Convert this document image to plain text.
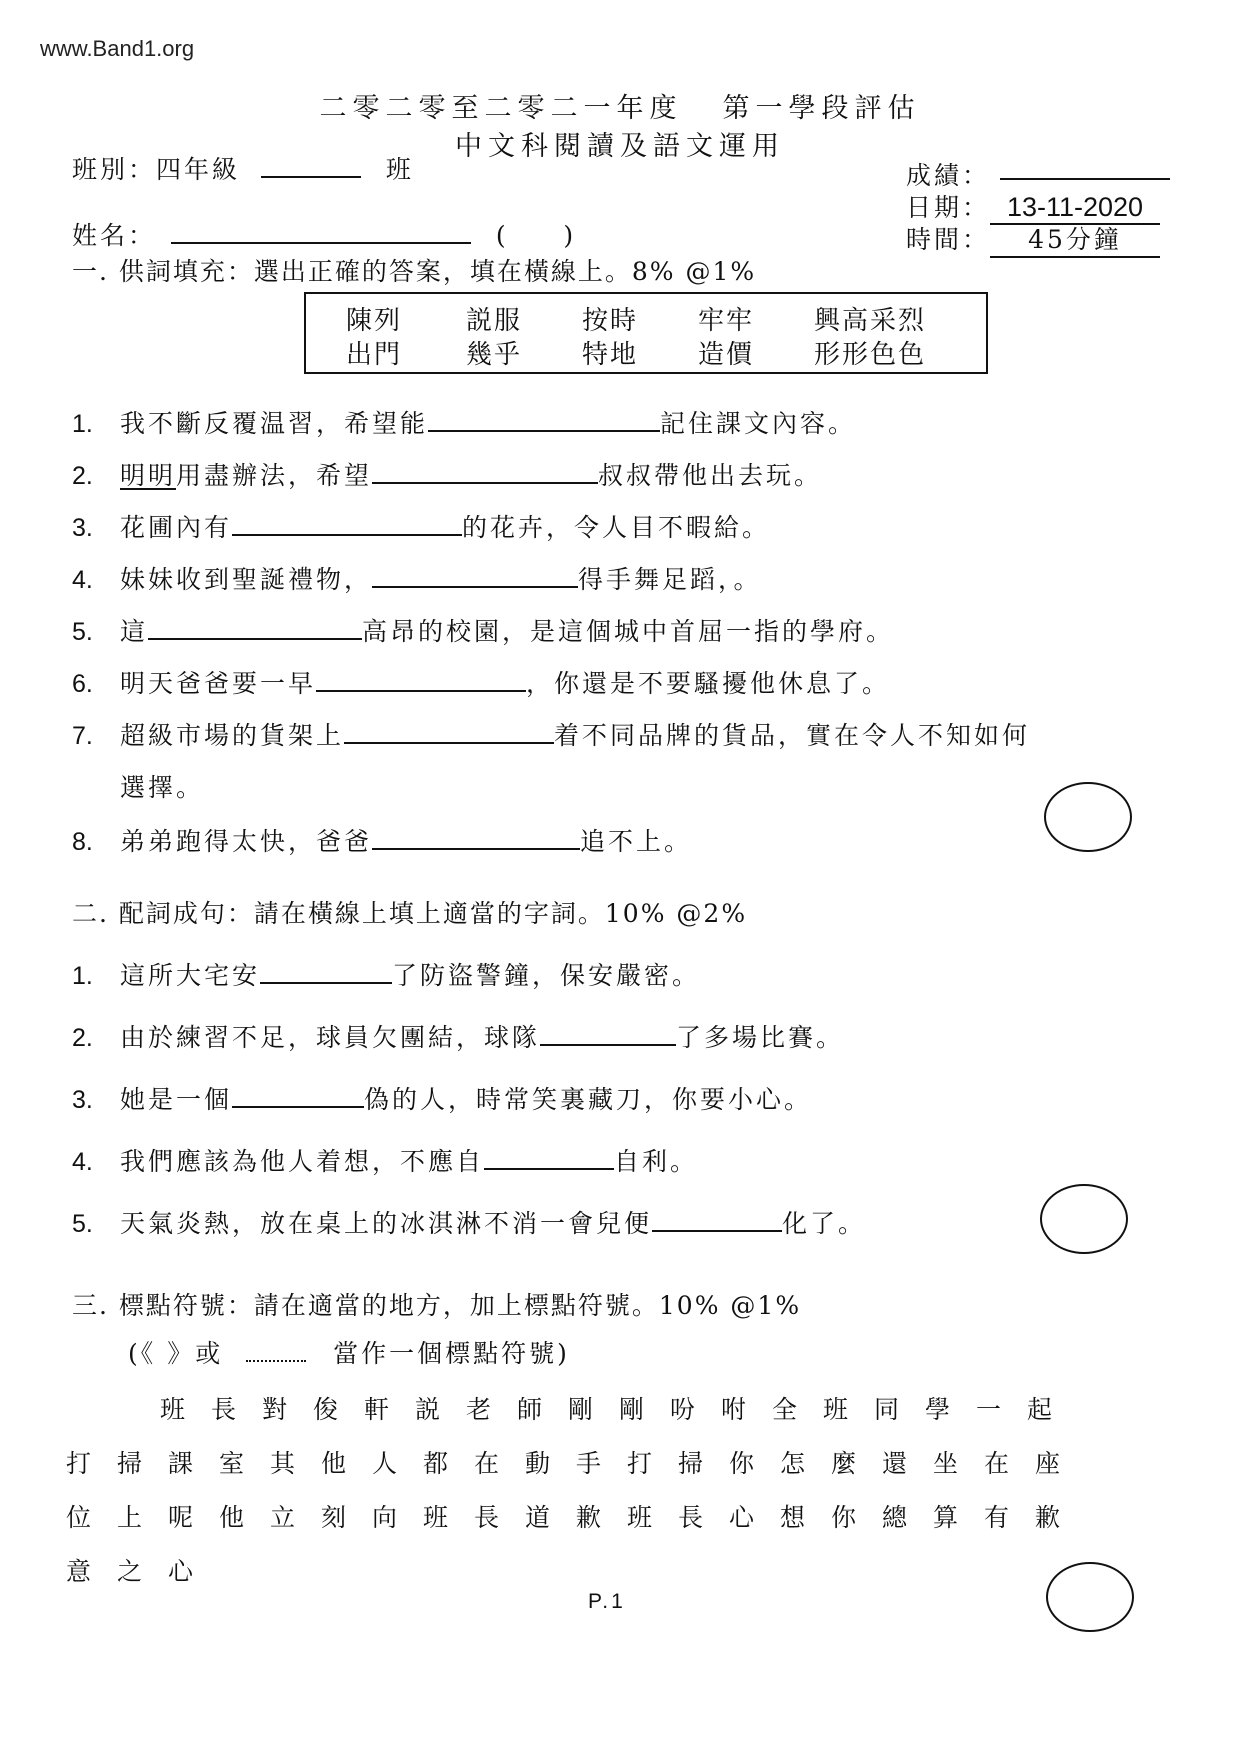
www.Band1.org
二零二零至二零二一年度 第一學段評估
中文科閱讀及語文運用
班別：四年級	班	成績：
日期： 13-11-2020
時間： 45分鐘
姓名：	(     )
一. 供詞填充：選出正確的答案，填在橫線上。8% @1%
陳列 説服 按時 牢牢 興高采烈
出門 幾乎 特地 造價 形形色色
1. 我不斷反覆温習，希望能	記住課文內容。
2. 明明用盡辦法，希望	叔叔帶他出去玩。
3. 花圃內有	的花卉，令人目不暇給。
4. 妹妹收到聖誕禮物，	得手舞足蹈，。
5. 這	高昂的校園，是這個城中首屈一指的學府。
6. 明天爸爸要一早	，你還是不要騷擾他休息了。
7. 超級市場的貨架上	着不同品牌的貨品，實在令人不知如何
選擇。
8. 弟弟跑得太快，爸爸	追不上。
二. 配詞成句：請在橫線上填上適當的字詞。10% @2%
1. 這所大宅安	了防盜警鐘，保安嚴密。
2. 由於練習不足，球員欠團結，球隊	了多場比賽。
3. 她是一個	偽的人，時常笑裏藏刀，你要小心。
4. 我們應該為他人着想，不應自	自利。
5. 天氣炎熱，放在桌上的冰淇淋不消一會兒便	化了。
三. 標點符號：請在適當的地方，加上標點符號。10% @1%
(《 》或	當作一個標點符號)
班長對俊軒説老師剛剛吩咐全班同學一起
打掃課室其他人都在動手打掃你怎麼還坐在座
位上呢他立刻向班長道歉班長心想你總算有歉
意之心
P.1
